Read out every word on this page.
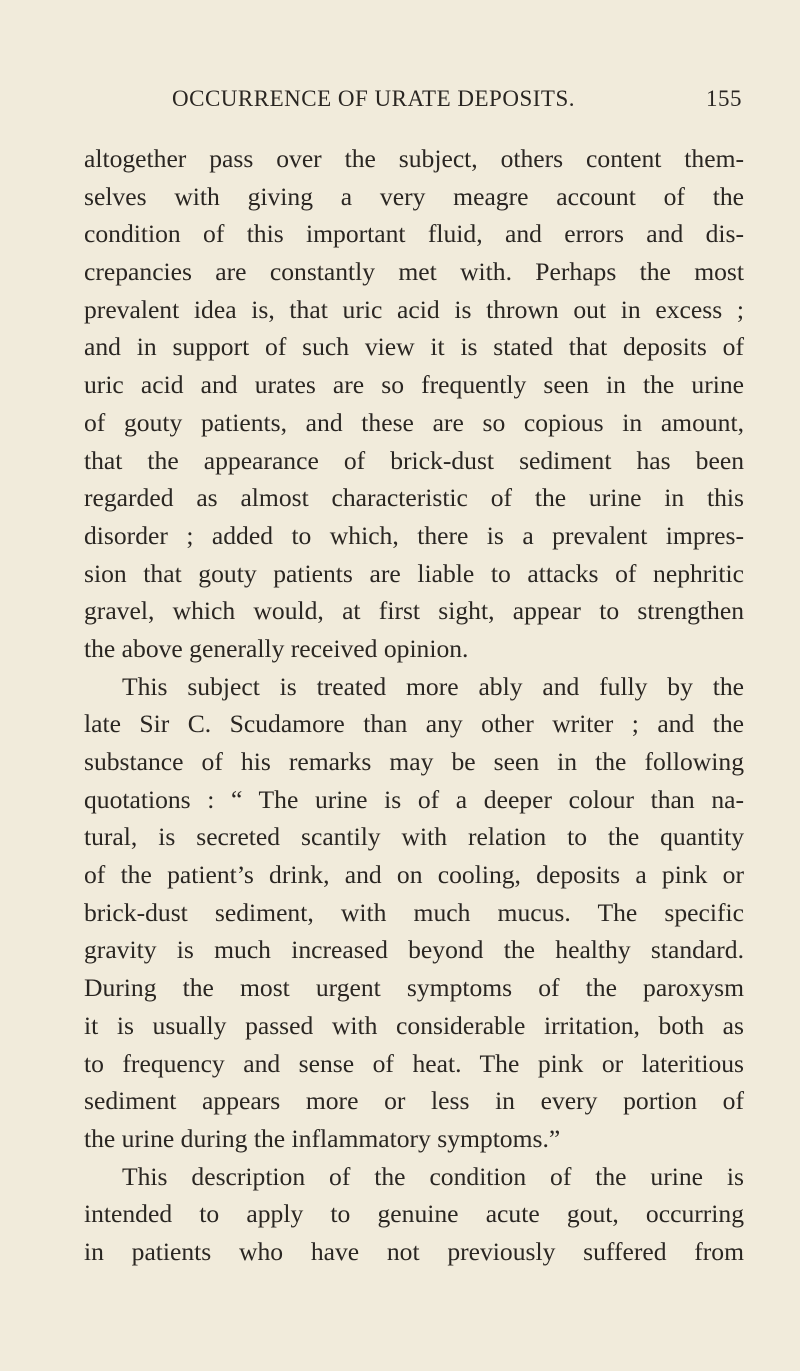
OCCURRENCE OF URATE DEPOSITS.	155
altogether pass over the subject, others content them-
selves with giving a very meagre account of the
condition of this important fluid, and errors and dis-
crepancies are constantly met with. Perhaps the most
prevalent idea is, that uric acid is thrown out in excess ;
and in support of such view it is stated that deposits of
uric acid and urates are so frequently seen in the urine
of gouty patients, and these are so copious in amount,
that the appearance of brick-dust sediment has been
regarded as almost characteristic of the urine in this
disorder ; added to which, there is a prevalent impres-
sion that gouty patients are liable to attacks of nephritic
gravel, which would, at first sight, appear to strengthen
the above generally received opinion.
This subject is treated more ably and fully by the
late Sir C. Scudamore than any other writer ; and the
substance of his remarks may be seen in the following
quotations : “ The urine is of a deeper colour than na-
tural, is secreted scantily with relation to the quantity
of the patient’s drink, and on cooling, deposits a pink or
brick-dust sediment, with much mucus. The specific
gravity is much increased beyond the healthy standard.
During the most urgent symptoms of the paroxysm
it is usually passed with considerable irritation, both as
to frequency and sense of heat. The pink or lateritious
sediment appears more or less in every portion of
the urine during the inflammatory symptoms.”
This description of the condition of the urine is
intended to apply to genuine acute gout, occurring
in patients who have not previously suffered from
